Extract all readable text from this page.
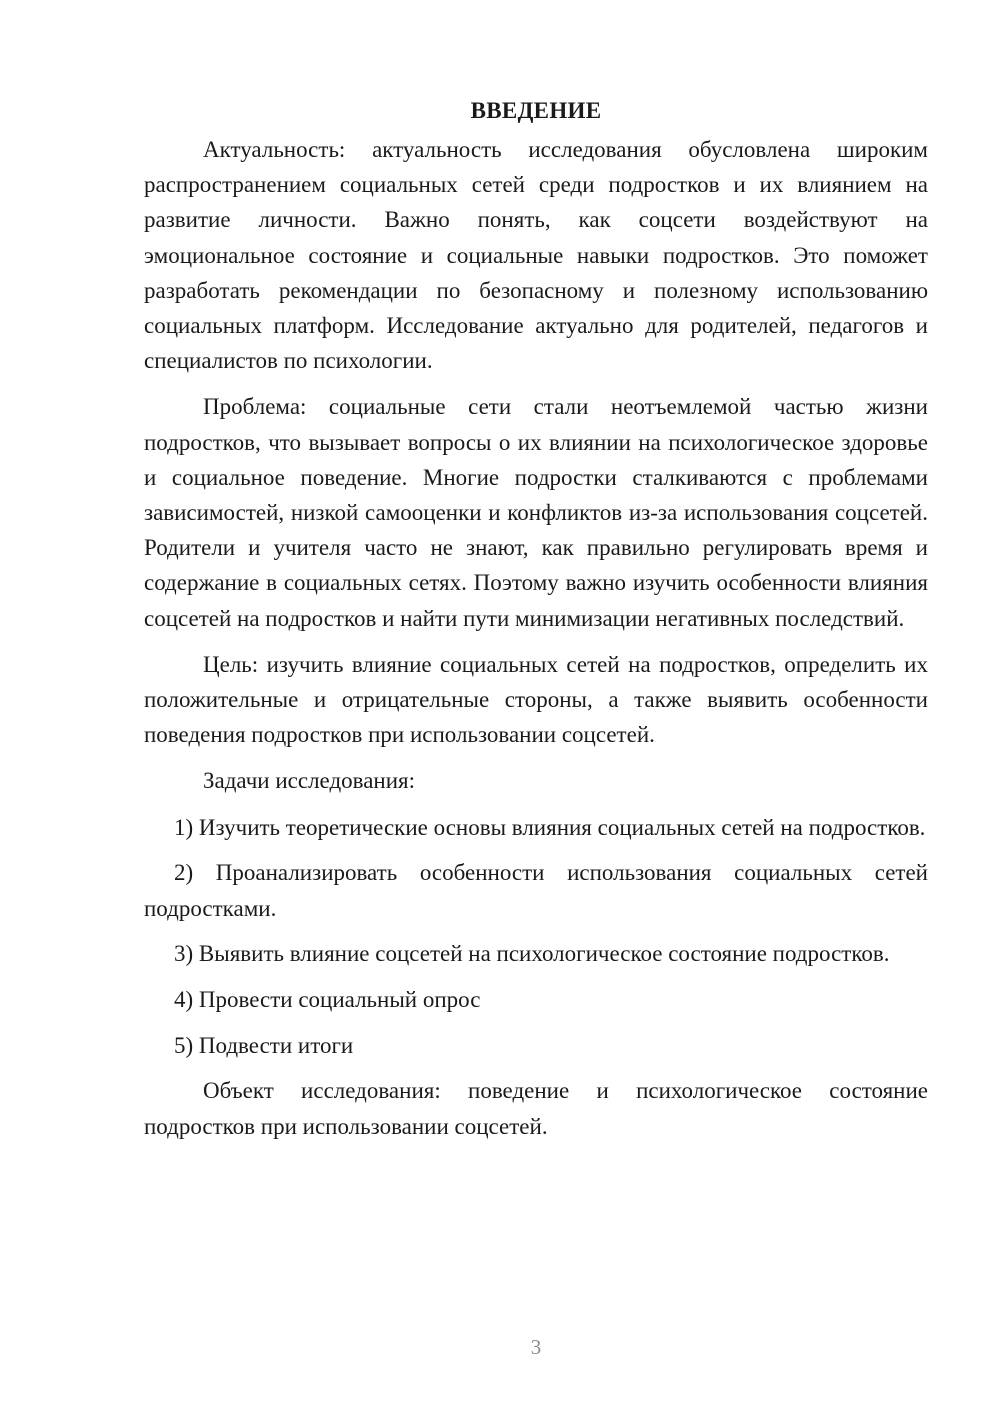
ВВЕДЕНИЕ

Актуальность: актуальность исследования обусловлена широким распространением социальных сетей среди подростков и их влиянием на развитие личности. Важно понять, как соцсети воздействуют на эмоциональное состояние и социальные навыки подростков. Это поможет разработать рекомендации по безопасному и полезному использованию социальных платформ. Исследование актуально для родителей, педагогов и специалистов по психологии.

Проблема: социальные сети стали неотъемлемой частью жизни подростков, что вызывает вопросы о их влиянии на психологическое здоровье и социальное поведение. Многие подростки сталкиваются с проблемами зависимостей, низкой самооценки и конфликтов из-за использования соцсетей. Родители и учителя часто не знают, как правильно регулировать время и содержание в социальных сетях. Поэтому важно изучить особенности влияния соцсетей на подростков и найти пути минимизации негативных последствий.

Цель: изучить влияние социальных сетей на подростков, определить их положительные и отрицательные стороны, а также выявить особенности поведения подростков при использовании соцсетей.

Задачи исследования:

1) Изучить теоретические основы влияния социальных сетей на подростков.

2) Проанализировать особенности использования социальных сетей подростками.

3) Выявить влияние соцсетей на психологическое состояние подростков.

4) Провести социальный опрос

5) Подвести итоги

Объект исследования: поведение и психологическое состояние подростков при использовании соцсетей.

3
